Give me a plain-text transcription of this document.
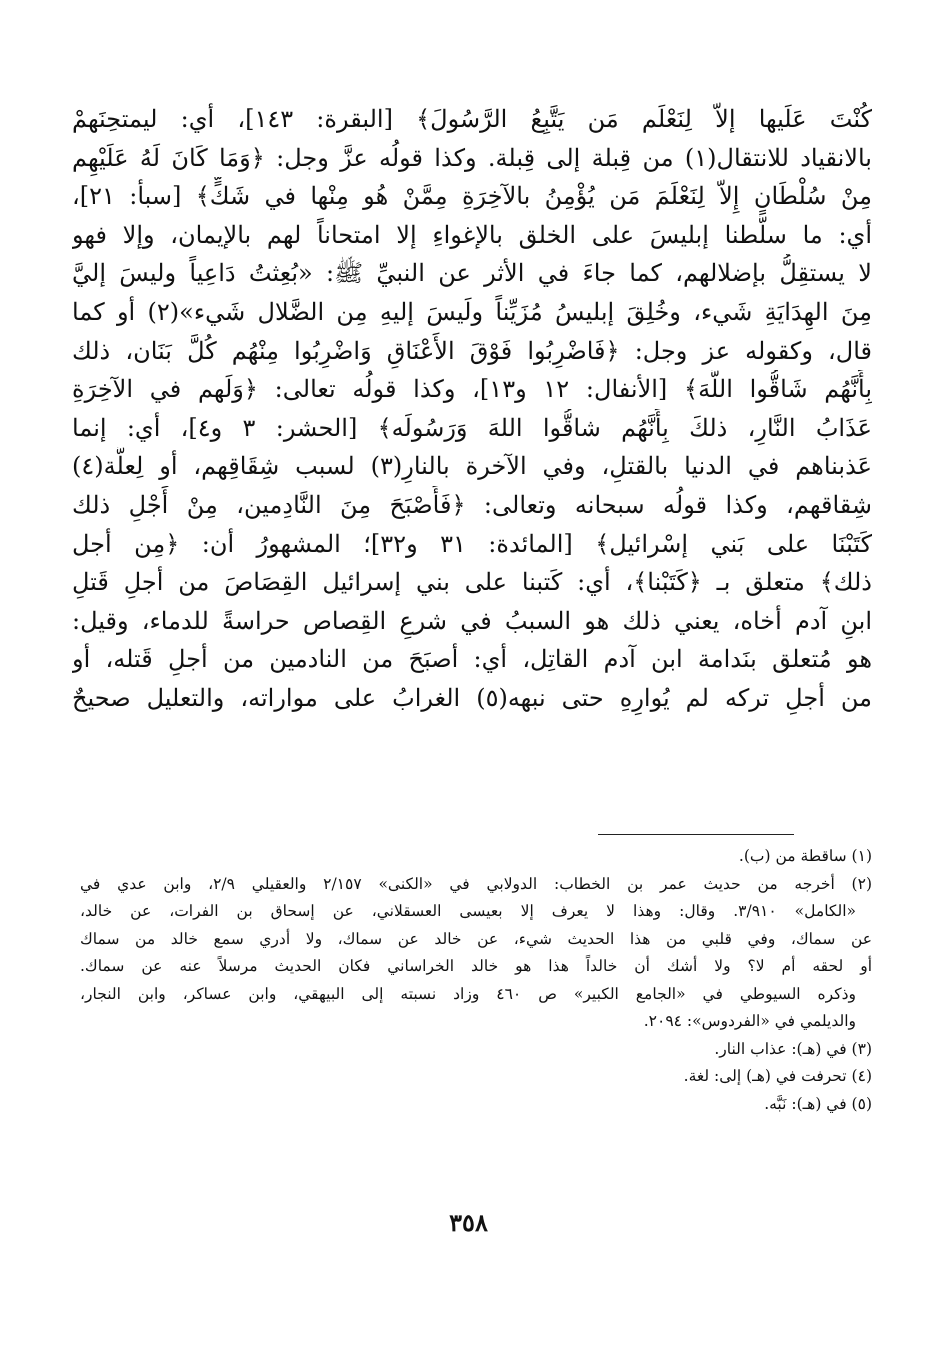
كُنْتَ عَلَيها إلاّ لِنَعْلَم مَن يَتَّبِعُ الرَّسُولَ﴾ [البقرة: ١٤٣]، أي: ليمتحِنَهمْ
بالانقياد للانتقال(١) من قِبلة إلى قِبلة. وكذا قولُه عزَّ وجل: ﴿وَمَا كَانَ لَهُ عَلَيْهِم
مِنْ سُلْطَانٍ إِلاّ لِنَعْلَمَ مَن يُؤْمِنُ بالآخِرَةِ مِمَّنْ هُو مِنْها في شَكٍّ﴾ [سبأ: ٢١]،
أي: ما سلَّطنا إبليسَ على الخلق بالإغواءِ إلا امتحاناً لهم بالإيمان، وإلا فهو
لا يستقِلُّ بإضلالهم، كما جاءَ في الأثر عن النبيِّ ﷺ: «بُعِثتُ دَاعِياً وليسَ إليَّ
مِنَ الهِدَايَةِ شَيء، وخُلِقَ إبليسُ مُزَيِّناً ولَيسَ إليهِ مِن الضَّلال شَيء»(٢) أو كما
قال، وكقوله عز وجل: ﴿فَاضْرِبُوا فَوْقَ الأَعْنَاقِ وَاضْرِبُوا مِنْهُم كُلَّ بَنَان، ذلك
بِأَنَّهُم شَاقُّوا اللَّهَ﴾ [الأنفال: ١٢ و١٣]، وكذا قولُه تعالى: ﴿وَلَهم في الآخِرَةِ
عَذَابُ النَّارِ، ذلكَ بِأَنَّهُم شاقُّوا اللهَ وَرَسُولَه﴾ [الحشر: ٣ و٤]، أي: إنما
عَذبناهم في الدنيا بالقتلِ، وفي الآخرة بالنارِ(٣) لسبب شِقَاقِهم، أو لِعلَّة(٤)
شِقاقهم، وكذا قولُه سبحانه وتعالى: ﴿فَأَصْبَحَ مِنَ النَّادِمين، مِنْ أَجْلِ ذلك
كَتَبْنَا على بَني إسْرائيل﴾ [المائدة: ٣١ و٣٢]؛ المشهورُ أن: ﴿مِن أجل
ذلك﴾ متعلق بـ ﴿كَتَبْنا﴾، أي: كَتبنا على بني إسرائيل القِصَاصَ من أجلِ قَتلِ
ابنِ آدم أخاه، يعني ذلك هو السببُ في شرعِ القِصاص حراسةً للدماء، وقيل:
هو مُتعلق بنَدامة ابن آدم القاتِل، أي: أصبَحَ من النادمين من أجلِ قَتله، أو
من أجلِ تركه لم يُوارِهِ حتى نبهه(٥) الغرابُ على مواراته، والتعليل صحيحٌ
(١) ساقطة من (ب).
(٢) أخرجه من حديث عمر بن الخطاب: الدولابي في «الكنى» ٢/١٥٧ والعقيلي ٢/٩، وابن عدي في
«الكامل» ٣/٩١٠. وقال: وهذا لا يعرف إلا بعيسى العسقلاني، عن إسحاق بن الفرات، عن خالد،
عن سماك، وفي قلبي من هذا الحديث شيء، عن خالد عن سماك، ولا أدري سمع خالد من سماك
أو لحقه أم لا؟ ولا أشك أن خالداً هذا هو خالد الخراساني فكان الحديث مرسلاً عنه عن سماك.
وذكره السيوطي في «الجامع الكبير» ص ٤٦٠ وزاد نسبته إلى البيهقي، وابن عساكر، وابن النجار،
والديلمي في «الفردوس»: ٢٠٩٤.
(٣) في (هـ): عذاب النار.
(٤) تحرفت في (هـ) إلى: لغة.
(٥) في (هـ): نَبَّه.
٣٥٨
